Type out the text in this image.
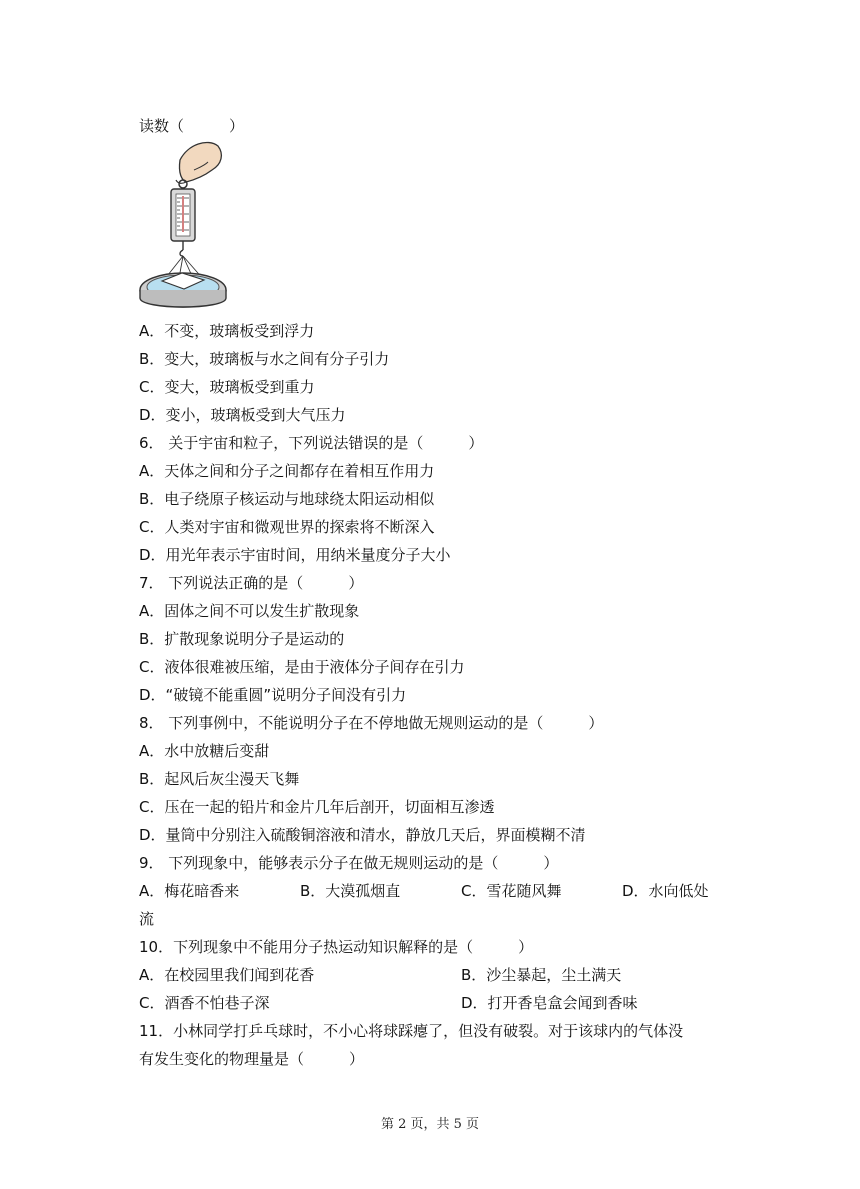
读数（　　　）
A．不变，玻璃板受到浮力
B．变大，玻璃板与水之间有分子引力
C．变大，玻璃板受到重力
D．变小，玻璃板受到大气压力
6． 关于宇宙和粒子，下列说法错误的是（　　　）
A．天体之间和分子之间都存在着相互作用力
B．电子绕原子核运动与地球绕太阳运动相似
C．人类对宇宙和微观世界的探索将不断深入
D．用光年表示宇宙时间，用纳米量度分子大小
7． 下列说法正确的是（　　　）
A．固体之间不可以发生扩散现象
B．扩散现象说明分子是运动的
C．液体很难被压缩，是由于液体分子间存在引力
D．“破镜不能重圆”说明分子间没有引力
8． 下列事例中，不能说明分子在不停地做无规则运动的是（　　　）
A．水中放糖后变甜
B．起风后灰尘漫天飞舞
C．压在一起的铅片和金片几年后剖开，切面相互渗透
D．量筒中分别注入硫酸铜溶液和清水，静放几天后，界面模糊不清
9． 下列现象中，能够表示分子在做无规则运动的是（　　　）
A．梅花暗香来	B．大漠孤烟直	C．雪花随风舞	D．水向低处
流
10．下列现象中不能用分子热运动知识解释的是（　　　）
A．在校园里我们闻到花香	B．沙尘暴起，尘土满天
C．酒香不怕巷子深	D．打开香皂盒会闻到香味
11．小林同学打乒乓球时，不小心将球踩瘪了，但没有破裂。对于该球内的气体没
有发生变化的物理量是（　　　）
第 2 页，共 5 页
